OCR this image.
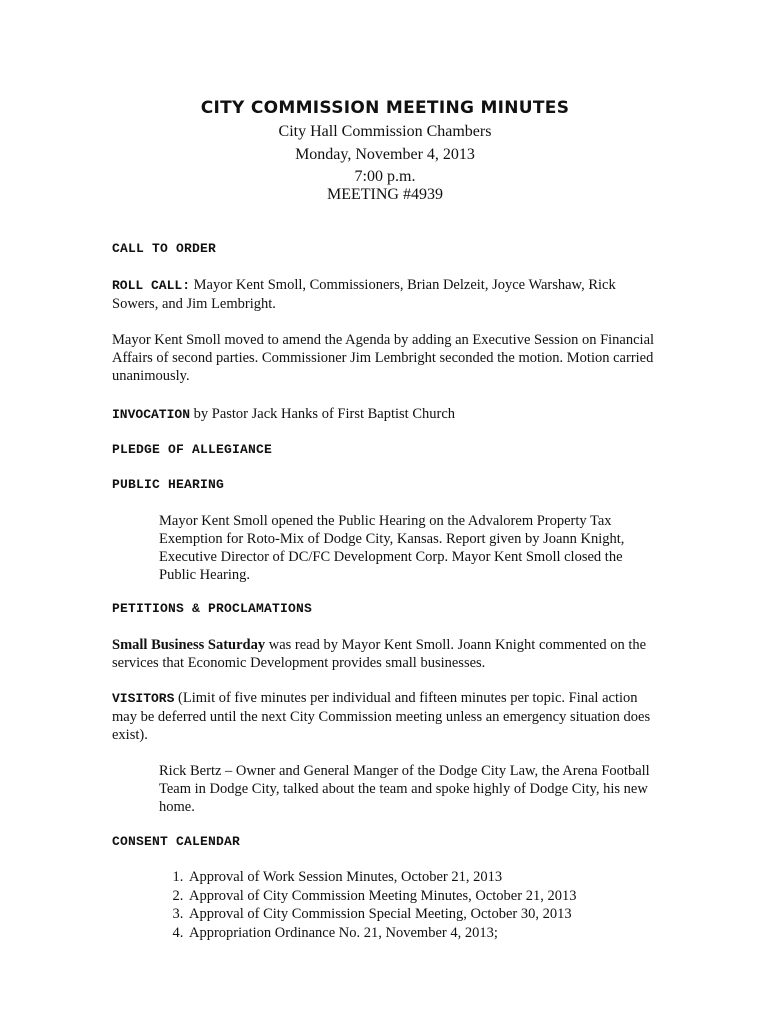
CITY COMMISSION MEETING MINUTES
City Hall Commission Chambers
Monday, November 4, 2013
7:00 p.m.
MEETING #4939
CALL TO ORDER
ROLL CALL: Mayor Kent Smoll, Commissioners, Brian Delzeit, Joyce Warshaw, Rick Sowers, and Jim Lembright.
Mayor Kent Smoll moved to amend the Agenda by adding an Executive Session on Financial Affairs of second parties. Commissioner Jim Lembright seconded the motion. Motion carried unanimously.
INVOCATION by Pastor Jack Hanks of First Baptist Church
PLEDGE OF ALLEGIANCE
PUBLIC HEARING
Mayor Kent Smoll opened the Public Hearing on the Advalorem Property Tax Exemption for Roto-Mix of Dodge City, Kansas. Report given by Joann Knight, Executive Director of DC/FC Development Corp. Mayor Kent Smoll closed the Public Hearing.
PETITIONS & PROCLAMATIONS
Small Business Saturday was read by Mayor Kent Smoll. Joann Knight commented on the services that Economic Development provides small businesses.
VISITORS (Limit of five minutes per individual and fifteen minutes per topic. Final action may be deferred until the next City Commission meeting unless an emergency situation does exist).
Rick Bertz – Owner and General Manger of the Dodge City Law, the Arena Football Team in Dodge City, talked about the team and spoke highly of Dodge City, his new home.
CONSENT CALENDAR
1. Approval of Work Session Minutes, October 21, 2013
2. Approval of City Commission Meeting Minutes, October 21, 2013
3. Approval of City Commission Special Meeting, October 30, 2013
4. Appropriation Ordinance No. 21, November 4, 2013;
